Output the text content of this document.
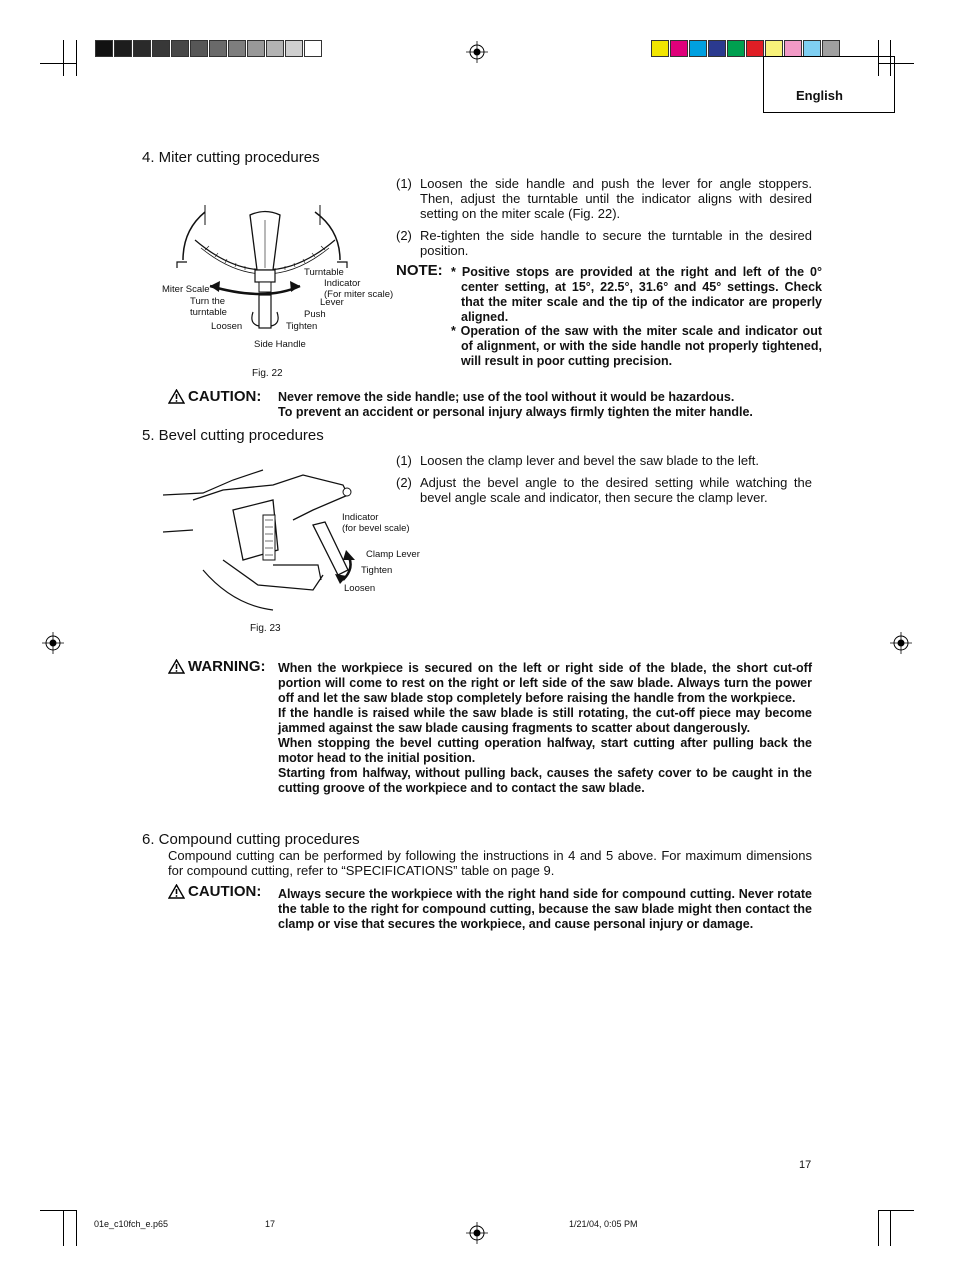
English
4. Miter cutting procedures
(1) Loosen the side handle and push the lever for angle stoppers. Then, adjust the turntable until the indicator aligns with desired setting on the miter scale (Fig. 22).
(2) Re-tighten the side handle to secure the turntable in the desired position.
NOTE: * Positive stops are provided at the right and left of the 0° center setting, at 15°, 22.5°, 31.6° and 45° settings. Check that the miter scale and the tip of the indicator are properly aligned.
* Operation of the saw with the miter scale and indicator out of alignment, or with the side handle not properly tightened, will result in poor cutting precision.
Turntable
Indicator
(For miter scale)
Miter Scale
Lever
Turn the
turntable	Push
Loosen	Tighten
Side Handle
Fig. 22
CAUTION: Never remove the side handle; use of the tool without it would be hazardous.
To prevent an accident or personal injury always firmly tighten the miter handle.
5. Bevel cutting procedures
(1) Loosen the clamp lever and bevel the saw blade to the left.
(2) Adjust the bevel angle to the desired setting while watching the bevel angle scale and indicator, then secure the clamp lever.
Indicator
(for bevel scale)
Clamp Lever
Tighten
Loosen
Fig. 23
WARNING: When the workpiece is secured on the left or right side of the blade, the short cut-off portion will come to rest on the right or left side of the saw blade. Always turn the power off and let the saw blade stop completely before raising the handle from the workpiece.
If the handle is raised while the saw blade is still rotating, the cut-off piece may become jammed against the saw blade causing fragments to scatter about dangerously.
When stopping the bevel cutting operation halfway, start cutting after pulling back the motor head to the initial position.
Starting from halfway, without pulling back, causes the safety cover to be caught in the cutting groove of the workpiece and to contact the saw blade.
6. Compound cutting procedures
Compound cutting can be performed by following the instructions in 4 and 5 above. For maximum dimensions for compound cutting, refer to “SPECIFICATIONS” table on page 9.
CAUTION: Always secure the workpiece with the right hand side for compound cutting. Never rotate the table to the right for compound cutting, because the saw blade might then contact the clamp or vise that secures the workpiece, and cause personal injury or damage.
17
01e_c10fch_e.p65	17	1/21/04, 0:05 PM
